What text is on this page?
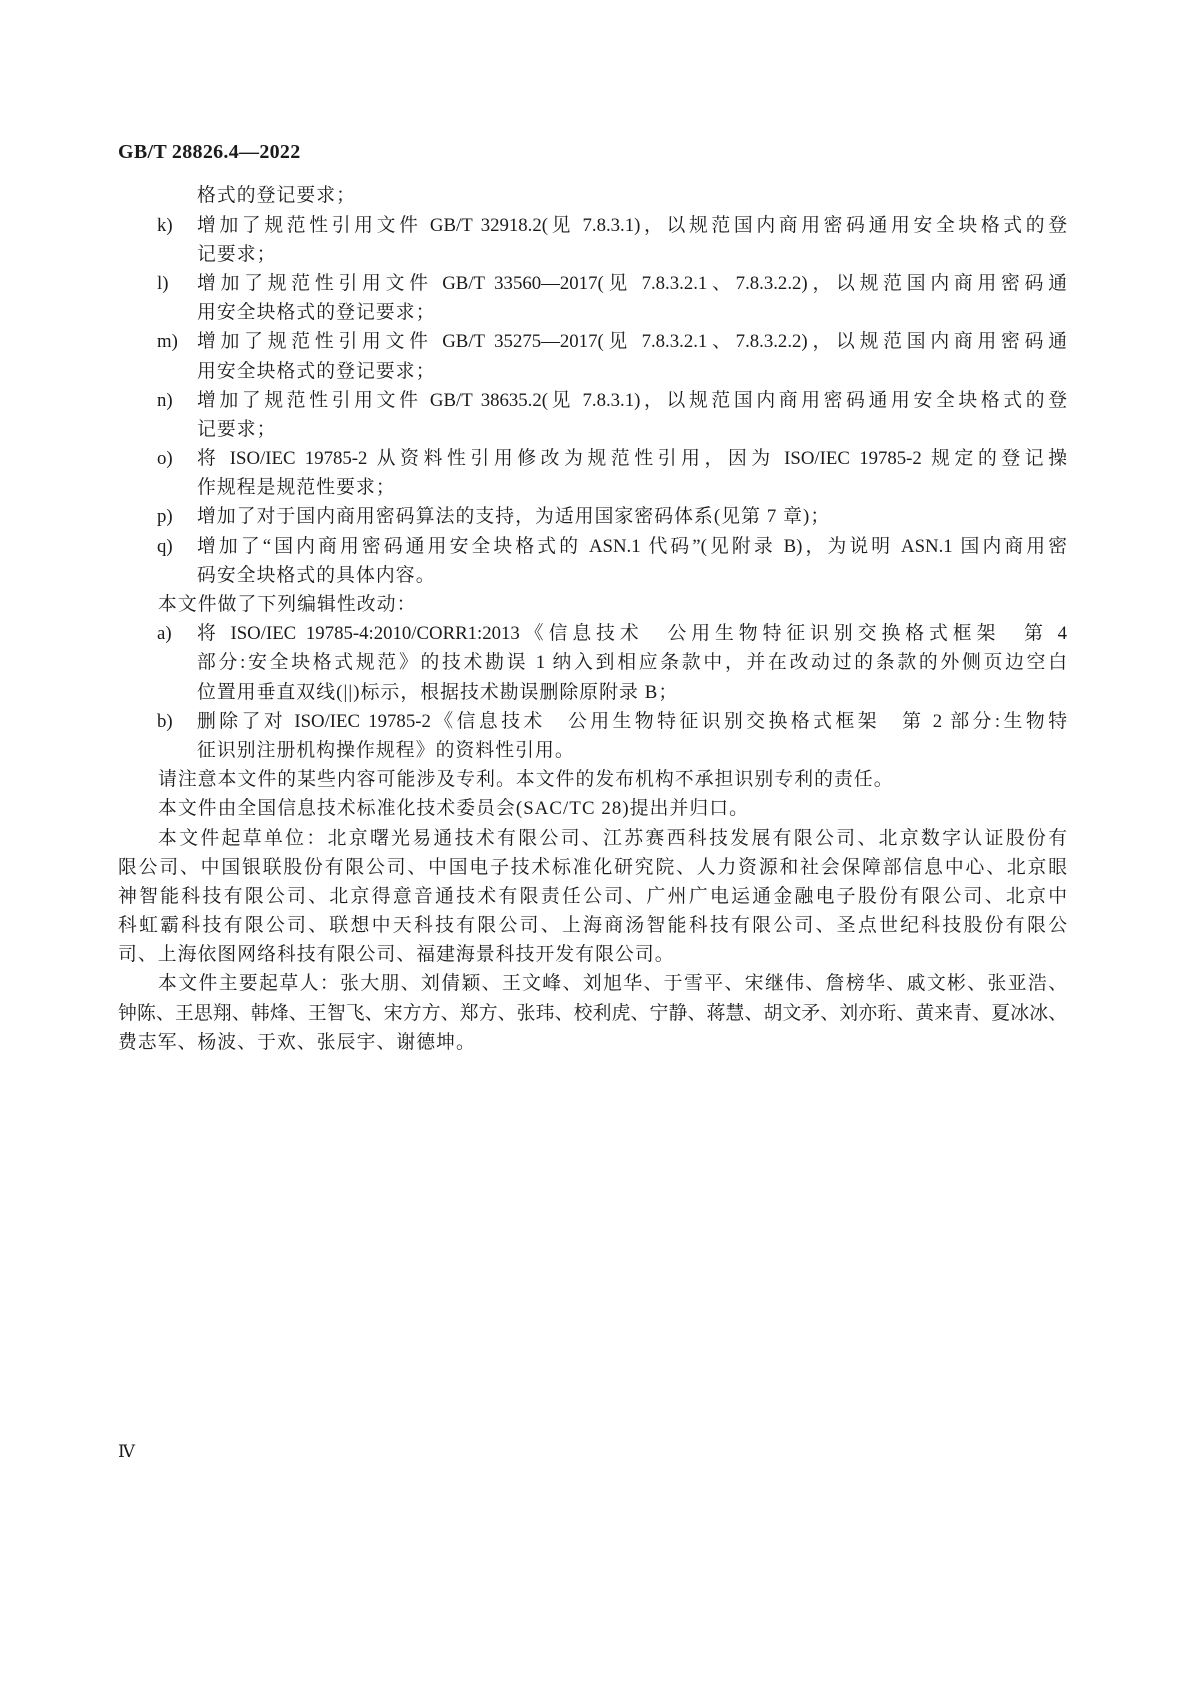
GB/T 28826.4—2022
格式的登记要求；
k) 增加了规范性引用文件 GB/T 32918.2(见 7.8.3.1)，以规范国内商用密码通用安全块格式的登
记要求；
l) 增加了规范性引用文件 GB/T 33560—2017(见 7.8.3.2.1、7.8.3.2.2)，以规范国内商用密码通
用安全块格式的登记要求；
m) 增加了规范性引用文件 GB/T 35275—2017(见 7.8.3.2.1、7.8.3.2.2)，以规范国内商用密码通
用安全块格式的登记要求；
n) 增加了规范性引用文件 GB/T 38635.2(见 7.8.3.1)，以规范国内商用密码通用安全块格式的登
记要求；
o) 将 ISO/IEC 19785-2 从资料性引用修改为规范性引用，因为 ISO/IEC 19785-2 规定的登记操
作规程是规范性要求；
p) 增加了对于国内商用密码算法的支持，为适用国家密码体系(见第 7 章)；
q) 增加了“国内商用密码通用安全块格式的 ASN.1 代码”(见附录 B)，为说明 ASN.1 国内商用密
码安全块格式的具体内容。
本文件做了下列编辑性改动：
a) 将 ISO/IEC 19785-4:2010/CORR1:2013《信息技术　公用生物特征识别交换格式框架　第 4
部分:安全块格式规范》的技术勘误 1 纳入到相应条款中，并在改动过的条款的外侧页边空白
位置用垂直双线(||)标示，根据技术勘误删除原附录 B；
b) 删除了对 ISO/IEC 19785-2《信息技术　公用生物特征识别交换格式框架　第 2 部分:生物特
征识别注册机构操作规程》的资料性引用。
请注意本文件的某些内容可能涉及专利。本文件的发布机构不承担识别专利的责任。
本文件由全国信息技术标准化技术委员会(SAC/TC 28)提出并归口。
本文件起草单位：北京曙光易通技术有限公司、江苏赛西科技发展有限公司、北京数字认证股份有
限公司、中国银联股份有限公司、中国电子技术标准化研究院、人力资源和社会保障部信息中心、北京眼
神智能科技有限公司、北京得意音通技术有限责任公司、广州广电运通金融电子股份有限公司、北京中
科虹霸科技有限公司、联想中天科技有限公司、上海商汤智能科技有限公司、圣点世纪科技股份有限公
司、上海依图网络科技有限公司、福建海景科技开发有限公司。
本文件主要起草人：张大朋、刘倩颖、王文峰、刘旭华、于雪平、宋继伟、詹榜华、戚文彬、张亚浩、
钟陈、王思翔、韩烽、王智飞、宋方方、郑方、张玮、校利虎、宁静、蒋慧、胡文矛、刘亦珩、黄来青、夏冰冰、
费志军、杨波、于欢、张辰宇、谢德坤。
Ⅳ
